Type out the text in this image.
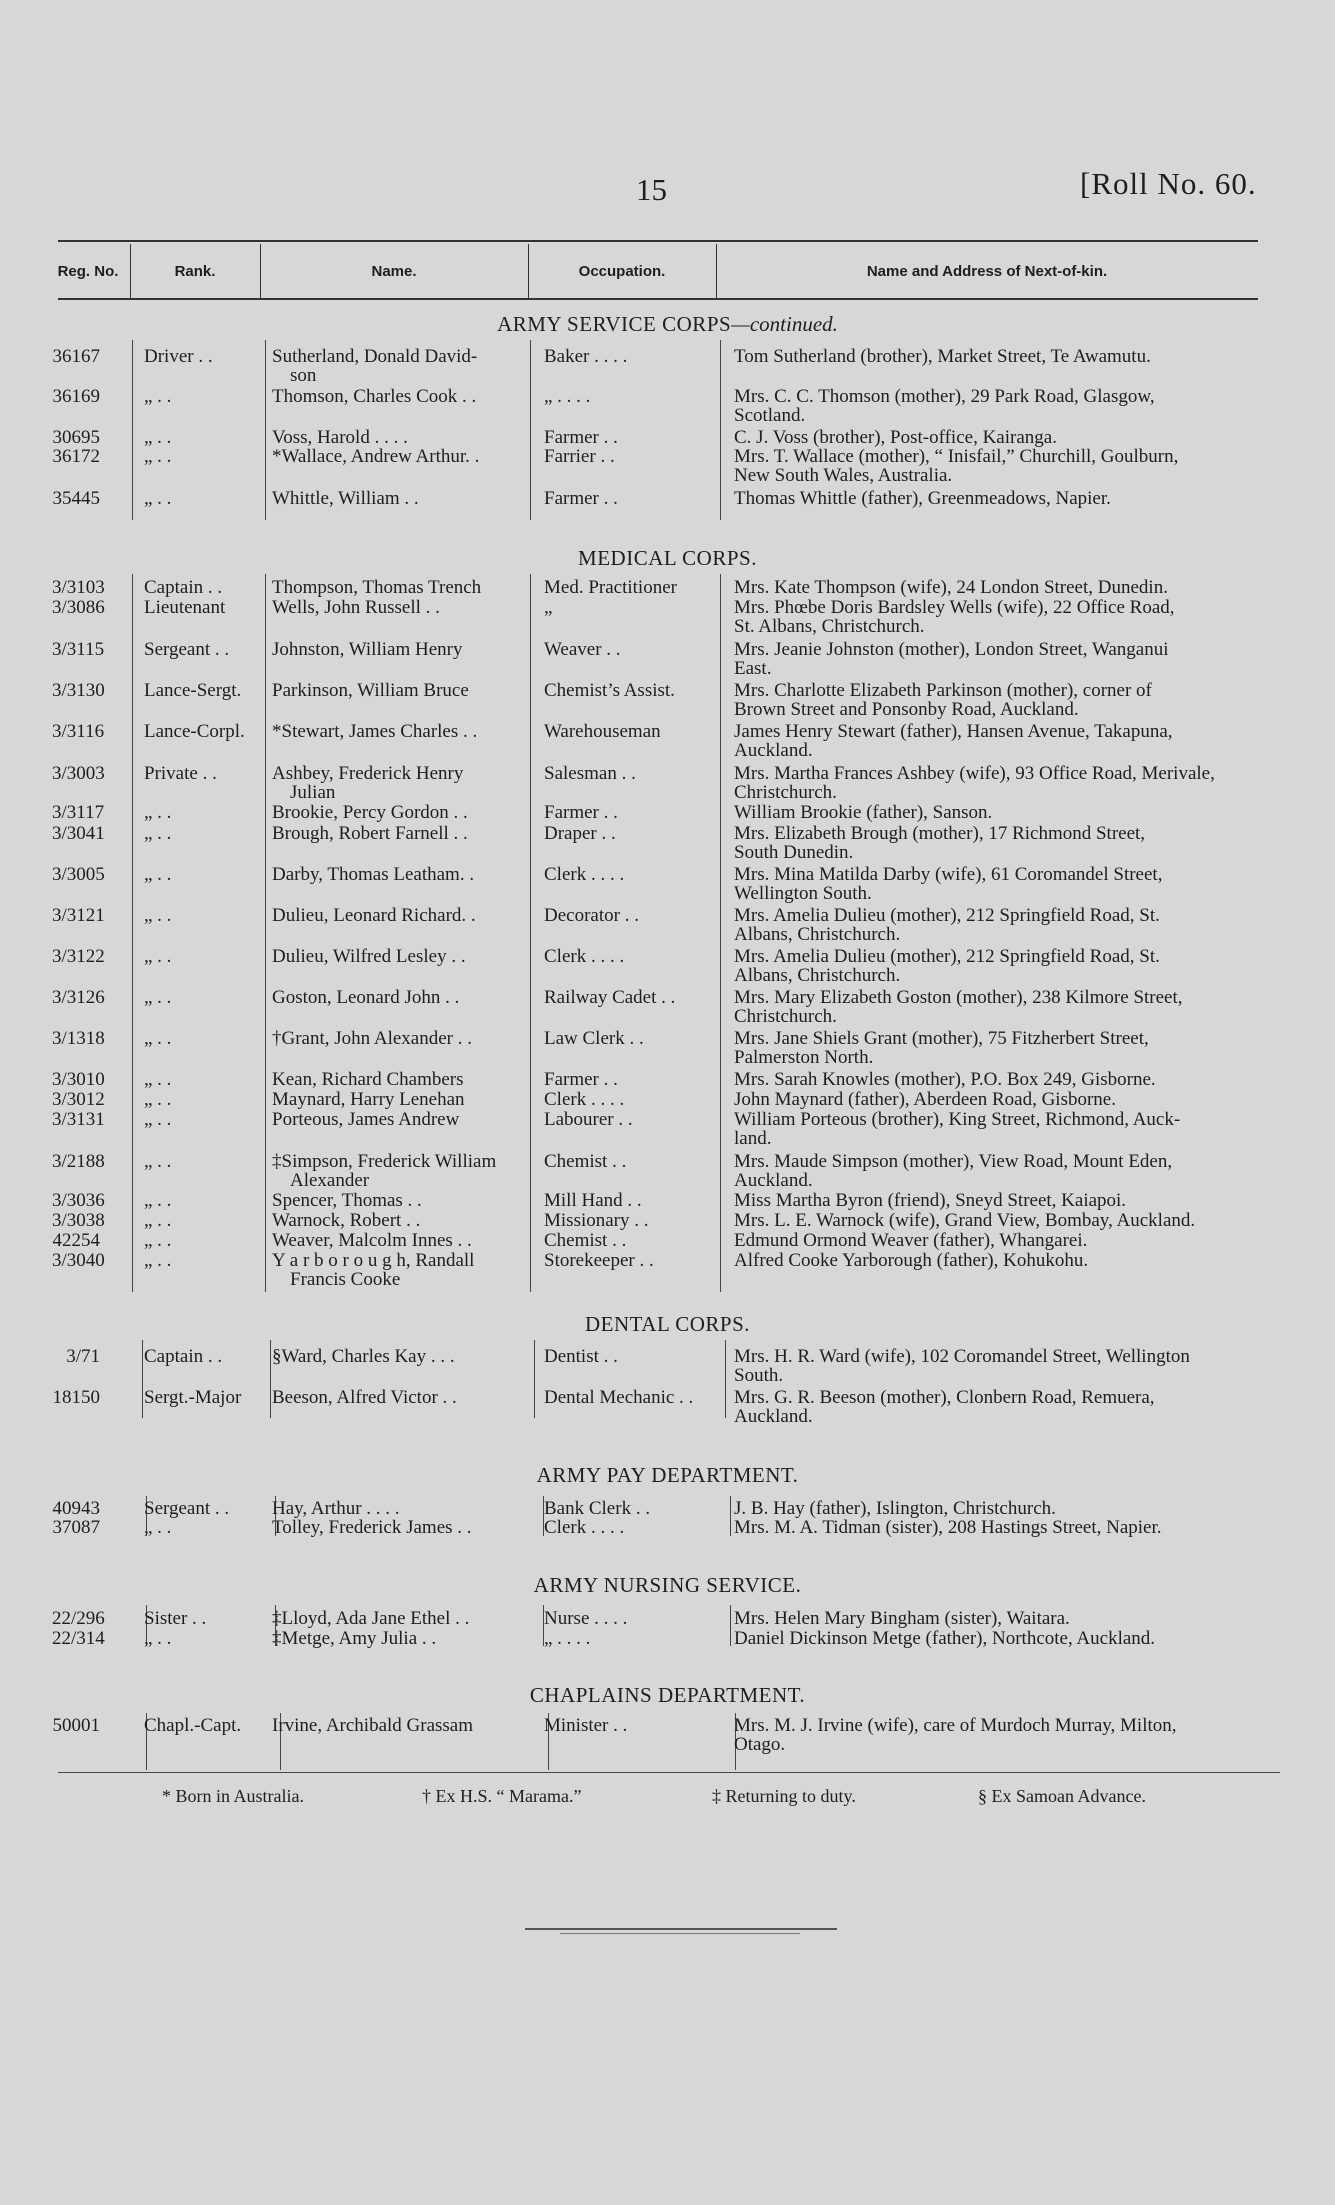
15	[Roll No. 60.
Reg. No.	Rank.	Name.	Occupation.	Name and Address of Next-of-kin.
ARMY SERVICE CORPS—continued.
36167 Driver . .	Sutherland, Donald David-
son
Baker . . . .	Tom Sutherland (brother), Market Street, Te Awamutu.
36169 „ . .	Thomson, Charles Cook . .	„ . . . .	Mrs. C. C. Thomson (mother), 29 Park Road, Glasgow,
Scotland.
30695 „ . .	Voss, Harold . . . .	Farmer . .	C. J. Voss (brother), Post-office, Kairanga.
36172 „ . .	*Wallace, Andrew Arthur. .	Farrier . .	Mrs. T. Wallace (mother), “ Inisfail,” Churchill, Goulburn,
New South Wales, Australia.
35445 „ . .	Whittle, William . .	Farmer . .	Thomas Whittle (father), Greenmeadows, Napier.
MEDICAL CORPS.
3/3103 Captain . .	Thompson, Thomas Trench	Med. Practitioner	Mrs. Kate Thompson (wife), 24 London Street, Dunedin.
3/3086 Lieutenant Wells, John Russell . .	„	Mrs. Phœbe Doris Bardsley Wells (wife), 22 Office Road,
St. Albans, Christchurch.
3/3115 Sergeant . . Johnston, William Henry	Weaver . .	Mrs. Jeanie Johnston (mother), London Street, Wanganui
East.
3/3130 Lance-Sergt. Parkinson, William Bruce	Chemist’s Assist.	Mrs. Charlotte Elizabeth Parkinson (mother), corner of
Brown Street and Ponsonby Road, Auckland.
3/3116 Lance-Corpl. *Stewart, James Charles . .	Warehouseman	James Henry Stewart (father), Hansen Avenue, Takapuna,
Auckland.
3/3003 Private . .	Ashbey, Frederick Henry
Julian
Salesman . .	Mrs. Martha Frances Ashbey (wife), 93 Office Road, Merivale,
Christchurch.
3/3117 „ . .	Brookie, Percy Gordon . .	Farmer . .	William Brookie (father), Sanson.
3/3041 „ . .	Brough, Robert Farnell . .	Draper . .	Mrs. Elizabeth Brough (mother), 17 Richmond Street,
South Dunedin.
3/3005 „ . .	Darby, Thomas Leatham. .	Clerk . . . .	Mrs. Mina Matilda Darby (wife), 61 Coromandel Street,
Wellington South.
3/3121 „ . .	Dulieu, Leonard Richard. .	Decorator . .	Mrs. Amelia Dulieu (mother), 212 Springfield Road, St.
Albans, Christchurch.
3/3122 „ . .	Dulieu, Wilfred Lesley . .	Clerk . . . .	Mrs. Amelia Dulieu (mother), 212 Springfield Road, St.
Albans, Christchurch.
3/3126 „ . .	Goston, Leonard John . .	Railway Cadet . .	Mrs. Mary Elizabeth Goston (mother), 238 Kilmore Street,
Christchurch.
3/1318 „ . .	†Grant, John Alexander . .	Law Clerk . .	Mrs. Jane Shiels Grant (mother), 75 Fitzherbert Street,
Palmerston North.
3/3010 „ . .	Kean, Richard Chambers	Farmer . .	Mrs. Sarah Knowles (mother), P.O. Box 249, Gisborne.
3/3012 „ . .	Maynard, Harry Lenehan	Clerk . . . .	John Maynard (father), Aberdeen Road, Gisborne.
3/3131 „ . .	Porteous, James Andrew	Labourer . .	William Porteous (brother), King Street, Richmond, Auck-
land.
3/2188 „ . .	‡Simpson, Frederick William
Alexander
Chemist . .	Mrs. Maude Simpson (mother), View Road, Mount Eden,
Auckland.
3/3036 „ . .	Spencer, Thomas . .	Mill Hand . .	Miss Martha Byron (friend), Sneyd Street, Kaiapoi.
3/3038 „ . .	Warnock, Robert . .	Missionary . .	Mrs. L. E. Warnock (wife), Grand View, Bombay, Auckland.
42254 „ . .	Weaver, Malcolm Innes . .	Chemist . .	Edmund Ormond Weaver (father), Whangarei.
3/3040 „ . .	Y a r b o r o u g h, Randall
Francis Cooke
Storekeeper . .	Alfred Cooke Yarborough (father), Kohukohu.
DENTAL CORPS.
3/71 Captain . .	§Ward, Charles Kay . . .	Dentist . .	Mrs. H. R. Ward (wife), 102 Coromandel Street, Wellington
South.
18150 Sergt.-Major Beeson, Alfred Victor . .	Dental Mechanic . . Mrs. G. R. Beeson (mother), Clonbern Road, Remuera,
Auckland.
ARMY PAY DEPARTMENT.
40943 Sergeant . . Hay, Arthur . . . .	Bank Clerk . .	J. B. Hay (father), Islington, Christchurch.
37087 „ . .	Tolley, Frederick James . .	Clerk . . . .	Mrs. M. A. Tidman (sister), 208 Hastings Street, Napier.
ARMY NURSING SERVICE.
22/296 Sister . .	‡Lloyd, Ada Jane Ethel . .	Nurse . . . .	Mrs. Helen Mary Bingham (sister), Waitara.
22/314 „ . .	‡Metge, Amy Julia . .	„ . . . .	Daniel Dickinson Metge (father), Northcote, Auckland.
CHAPLAINS DEPARTMENT.
50001 Chapl.-Capt. Irvine, Archibald Grassam	Minister . .	Mrs. M. J. Irvine (wife), care of Murdoch Murray, Milton,
Otago.
* Born in Australia.	† Ex H.S. “ Marama.”	‡ Returning to duty.	§ Ex Samoan Advance.
